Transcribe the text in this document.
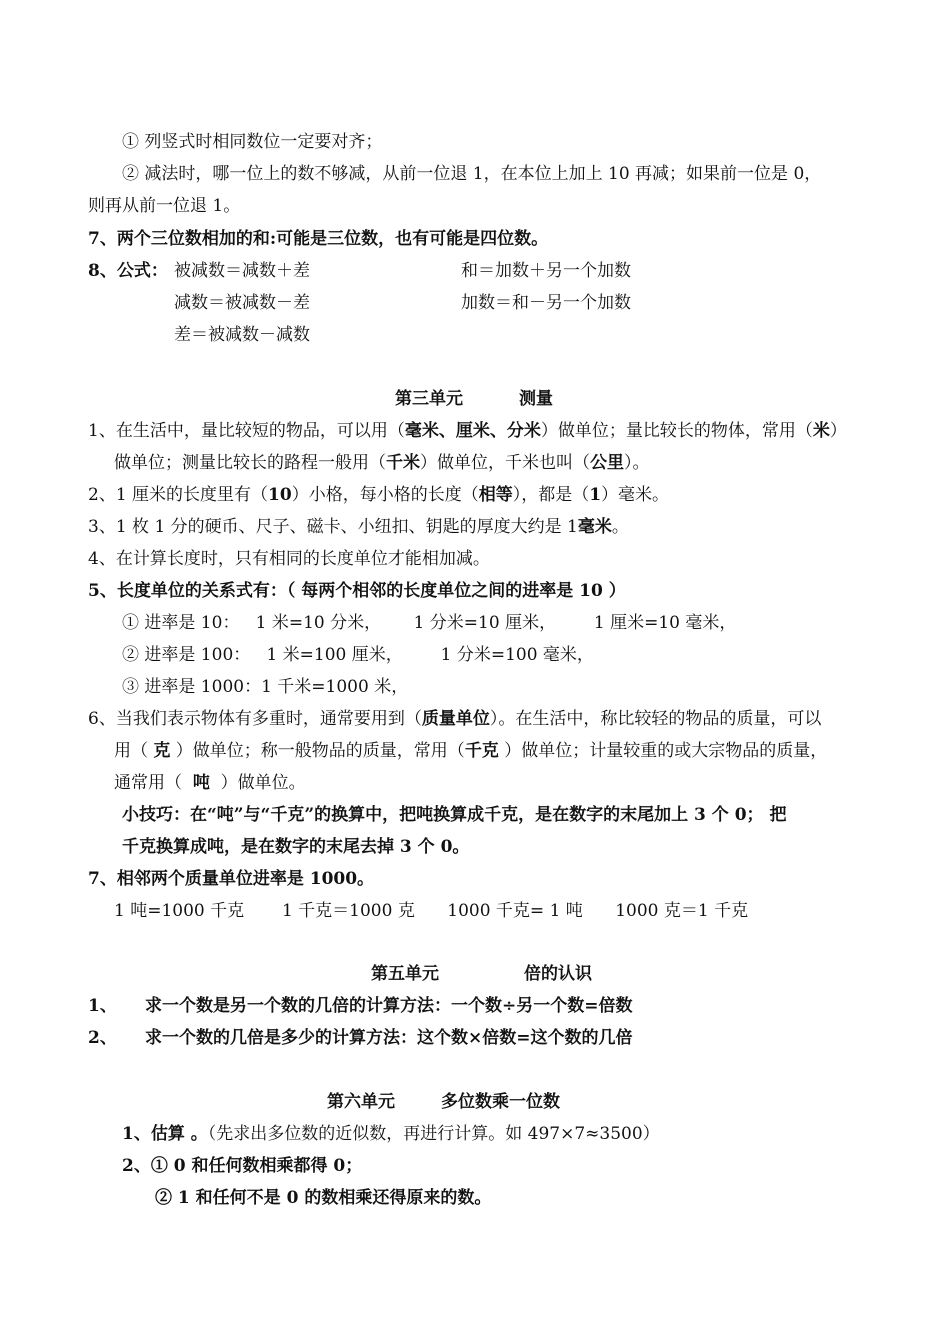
① 列竖式时相同数位一定要对齐；
② 减法时，哪一位上的数不够减，从前一位退 1，在本位上加上 10 再减；如果前一位是 0，
则再从前一位退 1。
7、两个三位数相加的和:可能是三位数，也有可能是四位数。
8、公式： 被减数＝减数＋差	和＝加数＋另一个加数
减数＝被减数－差	加数＝和－另一个加数
差＝被减数－减数
第三单元	测量
1、在生活中，量比较短的物品，可以用（毫米、厘米、分米）做单位；量比较长的物体，常用（米）
做单位；测量比较长的路程一般用（千米）做单位，千米也叫（公里）。
2、1 厘米的长度里有（10）小格，每小格的长度（相等），都是（1）毫米。
3、1 枚 1 分的硬币、尺子、磁卡、小纽扣、钥匙的厚度大约是 1毫米。
4、在计算长度时，只有相同的长度单位才能相加减。
5、长度单位的关系式有：（ 每两个相邻的长度单位之间的进率是 10 ）
① 进率是 10：   1 米=10 分米，      1 分米=10 厘米，       1 厘米=10 毫米，
② 进率是 100：   1 米=100 厘米，       1 分米=100 毫米，
③ 进率是 1000：1 千米=1000 米，
6、当我们表示物体有多重时，通常要用到（质量单位）。在生活中，称比较轻的物品的质量，可以
用（ 克 ）做单位；称一般物品的质量，常用（千克 ）做单位；计量较重的或大宗物品的质量，
通常用（  吨  ）做单位。
小技巧：在“吨”与“千克”的换算中，把吨换算成千克，是在数字的末尾加上 3 个 0； 把
千克换算成吨，是在数字的末尾去掉 3 个 0。
7、相邻两个质量单位进率是 1000。
1 吨=1000 千克       1 千克＝1000 克      1000 千克= 1 吨      1000 克＝1 千克
第五单元	倍的认识
1、 求一个数是另一个数的几倍的计算方法：一个数÷另一个数=倍数
2、 求一个数的几倍是多少的计算方法：这个数×倍数=这个数的几倍
第六单元	多位数乘一位数
1、估算 。（先求出多位数的近似数，再进行计算。如 497×7≈3500）
2、① 0 和任何数相乘都得 0；
② 1 和任何不是 0 的数相乘还得原来的数。
